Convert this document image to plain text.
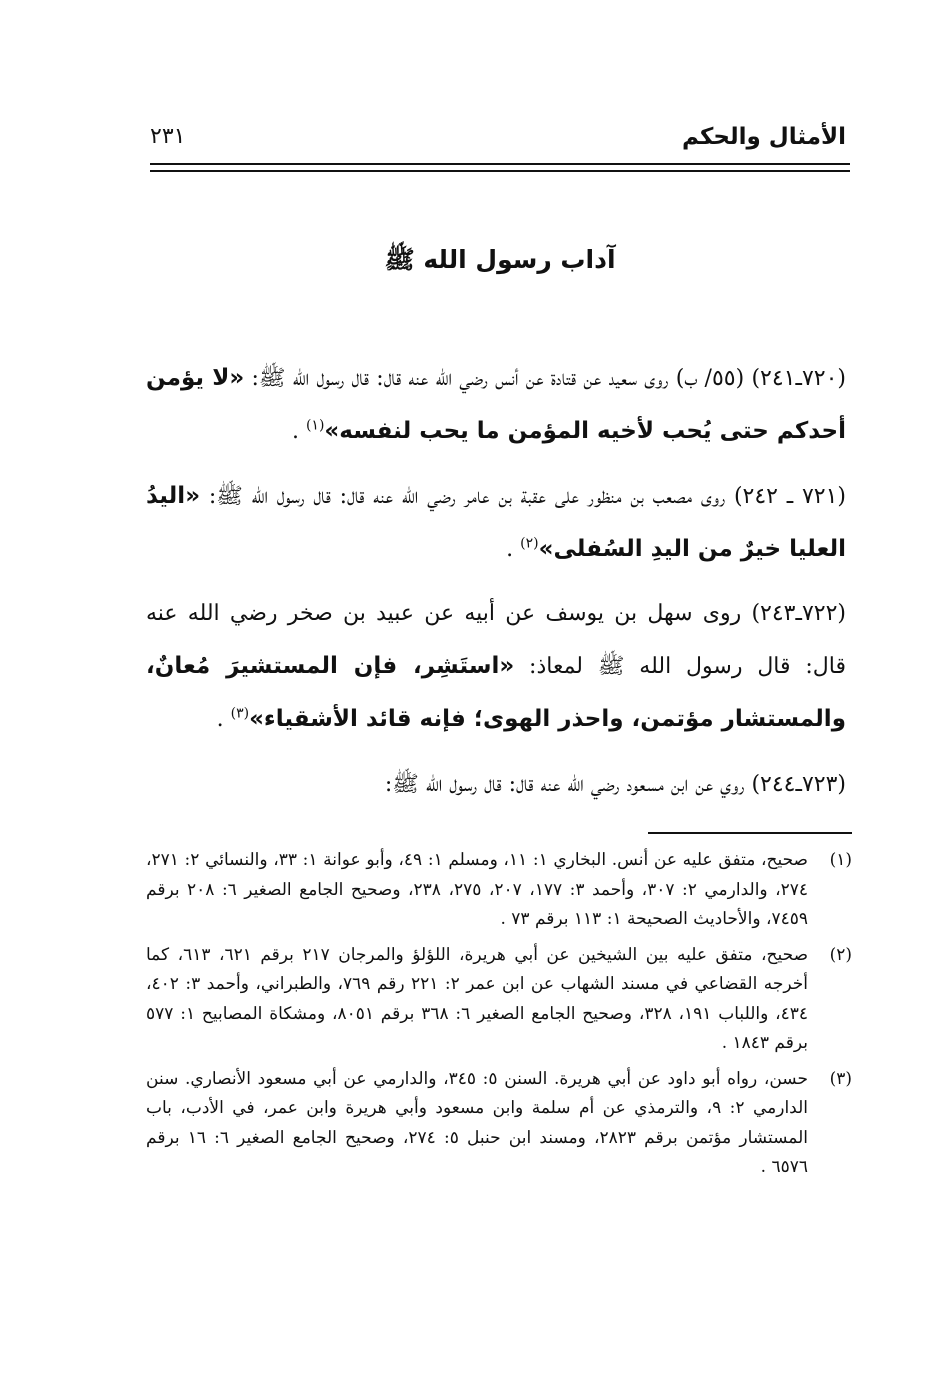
الأمثال والحكم
٢٣١
آداب رسول الله ﷺ

(٧٢٠ـ٢٤١) (٥٥/ ب) روى سعيد عن قتادة عن أنس رضي الله عنه قال: قال رسول الله ﷺ: «لا يؤمن أحدكم حتى يُحب لأخيه المؤمن ما يحب لنفسه»$^{(١)}$ .

(٧٢١ ـ ٢٤٢) روى مصعب بن منظور على عقبة بن عامر رضي الله عنه قال: قال رسول الله ﷺ: «اليدُ العليا خيرٌ من اليدِ السُفلى»$^{(٢)}$ .

(٧٢٢ـ٢٤٣) روى سهل بن يوسف عن أبيه عن عبيد بن صخر رضي الله عنه قال: قال رسول الله ﷺ لمعاذ: «استَشِر، فإن المستشيرَ مُعانٌ، والمستشار مؤتمن، واحذر الهوى؛ فإنه قائد الأشقياء»$^{(٣)}$ .

(٧٢٣ـ٢٤٤) روي عن ابن مسعود رضي الله عنه قال: قال رسول الله ﷺ:

(١)
صحيح، متفق عليه عن أنس. البخاري ١: ١١، ومسلم ١: ٤٩، وأبو عوانة ١: ٣٣، والنسائي ٢: ٢٧١، ٢٧٤، والدارمي ٢: ٣٠٧، وأحمد ٣: ١٧٧، ٢٠٧، ٢٧٥، ٢٣٨، وصحيح الجامع الصغير ٦: ٢٠٨ برقم ٧٤٥٩، والأحاديث الصحيحة ١: ١١٣ برقم ٧٣ .
(٢)
صحيح، متفق عليه بين الشيخين عن أبي هريرة، اللؤلؤ والمرجان ٢١٧ برقم ٦٢١، ٦١٣، كما أخرجه القضاعي في مسند الشهاب عن ابن عمر ٢: ٢٢١ رقم ٧٦٩، والطبراني، وأحمد ٣: ٤٠٢، ٤٣٤، واللباب ١٩١، ٣٢٨، وصحيح الجامع الصغير ٦: ٣٦٨ برقم ٨٠٥١، ومشكاة المصابيح ١: ٥٧٧ برقم ١٨٤٣ .
(٣)
حسن، رواه أبو داود عن أبي هريرة. السنن ٥: ٣٤٥، والدارمي عن أبي مسعود الأنصاري. سنن الدارمي ٢: ٩، والترمذي عن أم سلمة وابن مسعود وأبي هريرة وابن عمر، في الأدب، باب المستشار مؤتمن برقم ٢٨٢٣، ومسند ابن حنبل ٥: ٢٧٤، وصحيح الجامع الصغير ٦: ١٦ برقم ٦٥٧٦ .
